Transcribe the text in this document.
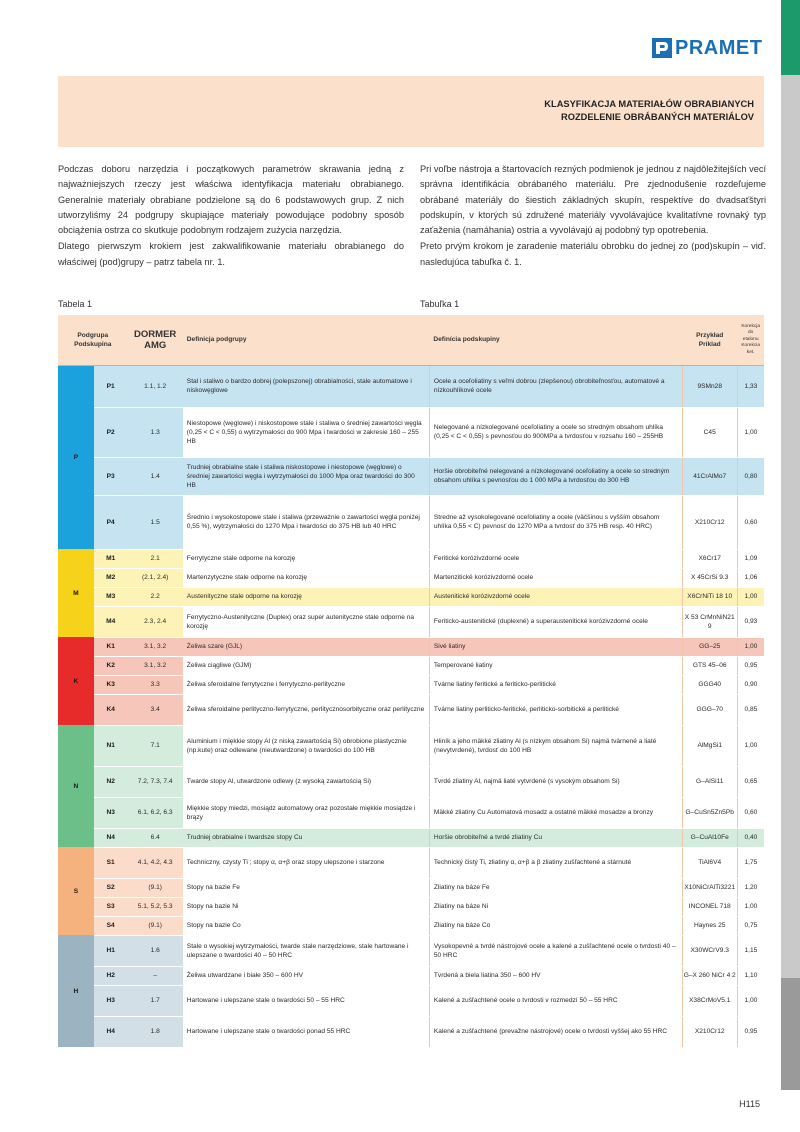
PRAMET
KLASYFIKACJA MATERIAŁÓW OBRABIANYCH
ROZDELENIE OBRÁBANÝCH MATERIÁLOV

Podczas doboru narzędzia i początkowych parametrów skrawania jedną z najważniejszych rzeczy jest właściwa identyfikacja materiału obrabianego. Generalnie materiały obrabiane podzielone są do 6 podstawowych grup. Z nich utworzyliśmy 24 podgrupy skupiające materiały powodujące podobny sposób obciążenia ostrza co skutkuje podobnym rodzajem zużycia narzędzia.

Dlatego pierwszym krokiem jest zakwalifikowanie materiału obrabianego do właściwej (pod)grupy – patrz tabela nr. 1.

Pri voľbe nástroja a štartovacích rezných podmienok je jednou z najdôležitejších vecí správna identifikácia obrábaného materiálu. Pre zjednodušenie rozdeľujeme obrábané materiály do šiestich základných skupín, respektíve do dvadsaťštyri podskupín, v ktorých sú združené materiály vyvolávajúce kvalitatívne rovnaký typ zaťaženia (namáhania) ostria a vyvolávajú aj podobný typ opotrebenia.

Preto prvým krokom je zaradenie materiálu obrobku do jednej zo (pod)skupín – viď. nasledujúca tabuľka č. 1.

Tabela 1	Tabuľka 1
Podgrupa
Podskupina		DORMER
AMG	Definicja podgrupy	Definícia podskupiny	Przykład
Príklad	Korekcja
do
etalonu
Korekcia
ket.
P	P1	1.1, 1.2	Stal i staliwo o bardzo dobrej (polepszonej) obrabialności, stale automatowe i niskowęglowe	Ocele a oceľoliatiny s veľmi dobrou (zlepšenou) obrobiteľnosťou, automatové a nízkouhlíkové ocele	9SMn28	1,33
	P2	1.3	Niestopowe (węglowe) i niskostopowe stale i staliwa o średniej zawartości węgla (0,25 < C < 0,55) o wytrzymałości do 900 Mpa i twardości w zakresie 160 – 255 HB	Nelegované a nízkolegované oceľoliatiny a ocele so stredným obsahom uhlíka (0,25 < C < 0,55) s pevnosťou do 900MPa a tvrdosťou v rozsahu 160 – 255HB	C45	1,00
	P3	1.4	Trudniej obrabialne stale i staliwa niskostopowe i niestopowe (węglowe) o średniej zawartości węgla i wytrzymałości do 1000 Mpa oraz twardości do 300 HB	Horšie obrobiteľné nelegované a nízkolegované oceľoliatiny a ocele so stredným obsahom uhlíka s pevnosťou do 1 000 MPa a tvrdosťou do 300 HB	41CrAlMo7	0,80
	P4	1.5	Średnio i wysokostopowe stale i staliwa (przeważnie o zawartości węgla poniżej 0,55 %), wytrzymałości do 1270 Mpa i twardości do 375 HB lub 40 HRC	Stredne až vysokolegované oceľoliatiny a ocele (väčšinou s vyšším obsahom uhlíka 0,55 < C) pevnosť do 1270 MPa a tvrdosť do 375 HB resp. 40 HRC)	X210Cr12	0,60
M	M1	2.1	Ferrytyczne stale odporne na korozję	Feritické korózivzdorné ocele	X6Cr17	1,09
	M2	(2.1, 2.4)	Martenzytyczne stale odporne na korozję	Martenzitické korózivzdorné ocele	X 45CrSi 9.3	1,06
	M3	2.2	Austenityczne stale odporne na korozję	Austenitické korózivzdorné ocele	X6CrNiTi 18 10	1,00
	M4	2.3, 2.4	Ferrytyczno-Austenityczne (Duplex) oraz super autenityczne stale odporne na korozję	Feriticko-austenitické (duplexné) a superaustenitické korózivzdorné ocele	X 53 CrMnNiN21 9	0,93
K	K1	3.1, 3.2	Żeliwa szare (GJL)	Sivé liatiny	GG–25	1,00
	K2	3.1, 3.2	Żeliwa ciągliwe (GJM)	Temperované liatiny	GTS 45–06	0,95
	K3	3.3	Żeliwa sferoidalne ferrytyczne i ferrytyczno-perlityczne	Tvárne liatiny feritické a feriticko-perlitické	GGG40	0,90
	K4	3.4	Żeliwa sferoidalne perlityczno-ferrytyczne, perlitycznosorbityczne oraz perlityczne	Tvárne liatiny perliticko-feritické, perliticko-sorbitické a perlitické	GGG–70	0,85
N	N1	7.1	Aluminium i miękkie stopy Al (z niską zawartością Si) obrobione plastycznie (np.kute) oraz odlewane (nieutwardzone) o twardości do 100 HB	Hliník a jeho mäkké zliatiny Al (s nízkym obsahom Si) najmä tvárnené a liaté (nevytvrdené), tvrdosť do 100 HB	AlMgSi1	1,00
	N2	7.2, 7.3, 7.4	Twarde stopy Al, utwardzone odlewy (z wysoką zawartością Si)	Tvrdé zliatiny Al, najmä liaté vytvrdené (s vysokým obsahom Si)	G–AlSi11	0,65
	N3	6.1, 6.2, 6.3	Miękkie stopy miedzi, mosiądz automatowy oraz pozostałe miękkie mosiądze i brązy	Mäkké zliatiny Cu Automatová mosadz a ostatné mäkké mosadze a bronzy	G–CuSn5Zn5Pb	0,60
	N4	6.4	Trudniej obrabialne i twardsze stopy Cu	Horšie obrobiteľné a tvrdé zliatiny Cu	G–CuAl10Fe	0,40
S	S1	4.1, 4.2, 4.3	Techniczny, czysty Ti ; stopy α, α+β oraz stopy ulepszone i starzone	Technický čistý Ti, zliatiny α, α+β a β zliatiny zušľachtené a stárnuté	TiAl6V4	1,75
	S2	(9.1)	Stopy na bazie Fe	Zliatiny na báze Fe	X10NiCrAlTi3221	1,20
	S3	5.1, 5.2, 5.3	Stopy na bazie Ni	Zliatiny na báze Ni	INCONEL 718	1,00
	S4	(9.1)	Stopy na bazie Co	Zliatiny na báze Co	Haynes 25	0,75
H	H1	1.6	Stale o wysokiej wytrzymałości, twarde stale narzędziowe, stale hartowane i ulepszane o twardości 40 – 50 HRC	Vysokopevné a tvrdé nástrojové ocele a kalené a zušľachtené ocele o tvrdosti 40 – 50 HRC	X30WCrV9.3	1,15
	H2	–	Żeliwa utwardzane i białe 350 – 600 HV	Tvrdená a biela liatina 350 – 600 HV	G–X 260 NiCr 4 2	1,10
	H3	1.7	Hartowane i ulepszane stale o twardości 50 – 55 HRC	Kalené a zušľachtené ocele o tvrdosti v rozmedzí 50 – 55 HRC	X38CrMoV5.1	1,00
	H4	1.8	Hartowane i ulepszane stale o twardości ponad 55 HRC	Kalené a zušľachtené (prevažne nástrojové) ocele o tvrdosti vyššej ako 55 HRC	X210Cr12	0,95
H115
